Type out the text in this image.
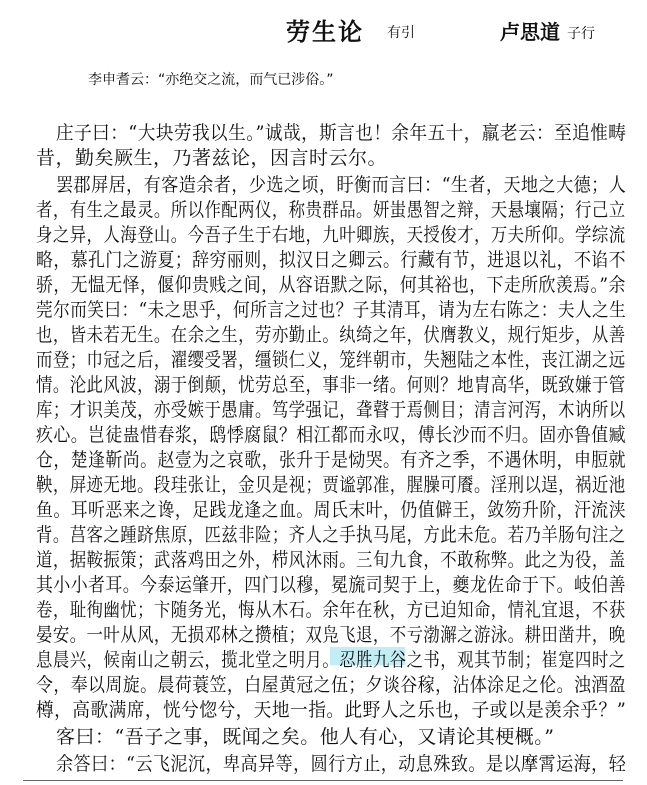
劳生论 有引	卢思道 子行
李申耆云：“亦绝交之流，而气已涉俗。”
庄子曰：“大块劳我以生。”诚哉，斯言也！余年五十，羸老云：至追惟畴
昔，勤矣厥生，乃著兹论，因言时云尔。
罢郡屏居，有客造余者，少选之顷，盱衡而言曰：“生者，天地之大德；人
者，有生之最灵。所以作配两仪，称贵群品。妍蚩愚智之辩，天悬壤隔；行己立
身之异，人海登山。今吾子生于右地，九叶卿族，天授俊才，万夫所仰。学综流
略，慕孔门之游夏；辞穷丽则，拟汉日之卿云。行藏有节，进退以礼，不谄不
骄，无愠无怿，偃仰贵贱之间，从容语默之际，何其裕也，下走所欣羡焉。”余
莞尔而笑曰：“未之思乎，何所言之过也？子其清耳，请为左右陈之：夫人之生
也，皆未若无生。在余之生，劳亦勤止。纨绮之年，伏膺教义，规行矩步，从善
而登；巾冠之后，濯缨受署，缰锁仁义，笼绊朝市，失翘陆之本性，丧江湖之远
情。沦此风波，溺于倒颠，忧劳总至，事非一绪。何则？地胄高华，既致嫌于管
库；才识美茂，亦受嫉于愚庸。笃学强记，聋瞽于焉侧目；清言河泻，木讷所以
疚心。岂徒蛊惜春浆，鸱悸腐鼠？相江都而永叹，傅长沙而不归。固亦鲁值臧
仓，楚逢靳尚。赵壹为之哀歌，张升于是恸哭。有齐之季，不遇休明，申脰就
鞅，屏迹无地。段珪张让，金贝是视；贾谧郭准，腥臊可餍。淫刑以逞，祸近池
鱼。耳听恶来之谗，足践龙逢之血。周氏末叶，仍值僻王，敛笏升阶，汗流浃
背。莒客之踵跻焦原，匹兹非险；齐人之手执马尾，方此未危。若乃羊肠句注之
道，据鞍振策；武落鸡田之外，栉风沐雨。三旬九食，不敢称弊。此之为役，盖
其小小者耳。今泰运肇开，四门以穆，冕旒司契于上，夔龙佐命于下。岐伯善
卷，耻徇幽忧；卞随务光，悔从木石。余年在秋，方已迫知命，情礼宜退，不获
晏安。一叶从风，无损邓林之攒植；双凫飞退，不亏渤澥之游泳。耕田凿井，晚
息晨兴，候南山之朝云，揽北堂之明月。忍胜九谷之书，观其节制；崔寔四时之
令，奉以周旋。晨荷蓑笠，白屋黄冠之伍；夕谈谷稼，沾体涂足之伦。浊酒盈
樽，高歌满席，恍兮惚兮，天地一指。此野人之乐也，子或以是羡余乎？”
客曰：“吾子之事，既闻之矣。他人有心，又请论其梗概。”
余答曰：“云飞泥沉，卑高异等，圆行方止，动息殊致。是以摩霄运海，轻
